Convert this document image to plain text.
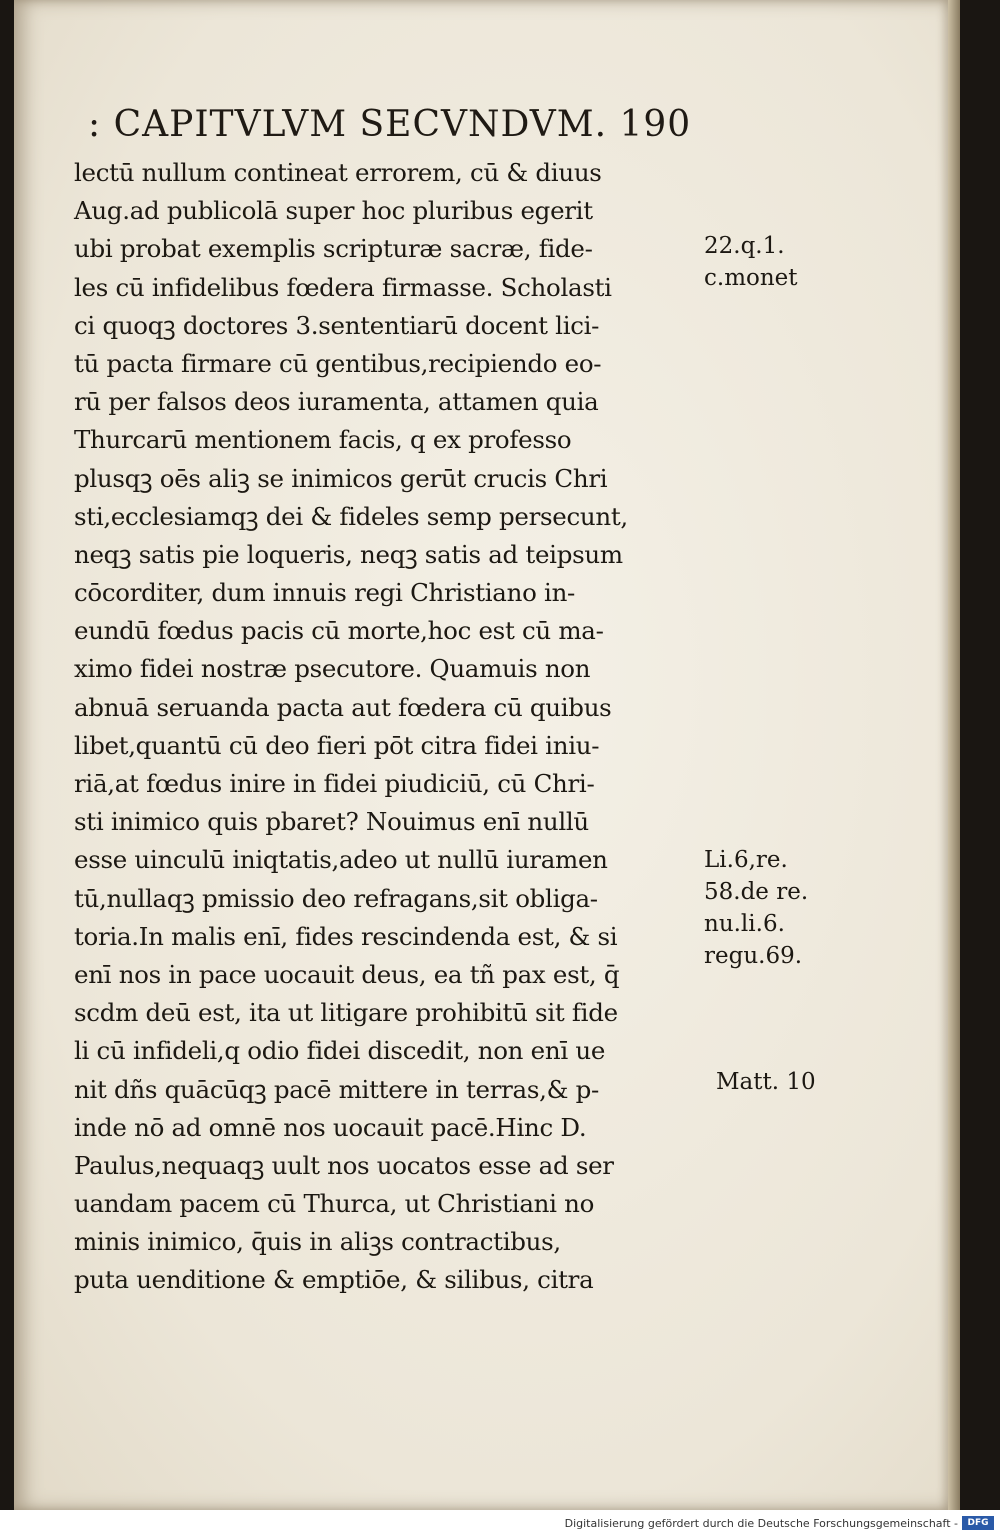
: CAPITVLVM SECVNDVM. 190
lectū nullum contineat errorem, cū & diuus
Aug.ad publicolā super hoc pluribus egerit
ubi probat exemplis scripturæ sacræ, fide-
les cū infidelibus fœdera firmasse. Scholasti
ci quoqꝫ doctores 3.sententiarū docent lici-
tū pacta firmare cū gentibus,recipiendo eo-
rū per falsos deos iuramenta, attamen quia
Thurcarū mentionem facis, q ex professo
plusqꝫ oēs aliꝫ se inimicos gerūt crucis Chri
sti,ecclesiamqꝫ dei & fideles semp persecunt,
neqꝫ satis pie loqueris, neqꝫ satis ad teipsum
cōcorditer, dum innuis regi Christiano in-
eundū fœdus pacis cū morte,hoc est cū ma-
ximo fidei nostræ psecutore. Quamuis non
abnuā seruanda pacta aut fœdera cū quibus
libet,quantū cū deo fieri pōt citra fidei iniu-
riā,at fœdus inire in fidei piudiciū, cū Chri-
sti inimico quis pbaret? Nouimus enī nullū
esse uinculū iniqtatis,adeo ut nullū iuramen
tū,nullaqꝫ pmissio deo refragans,sit obliga-
toria.In malis enī, fides rescindenda est, & si
enī nos in pace uocauit deus, ea tñ pax est, q̄
scdm deū est, ita ut litigare prohibitū sit fide
li cū infideli,q odio fidei discedit, non enī ue
nit dñs quācūqꝫ pacē mittere in terras,& p-
inde nō ad omnē nos uocauit pacē.Hinc D.
Paulus,nequaqꝫ uult nos uocatos esse ad ser
uandam pacem cū Thurca, ut Christiani no
minis inimico, q̄uis in aliꝫs contractibus,
puta uenditione & emptiōe, & silibus, citra
22.q.1.
c.monet
Li.6,re.
58.de re.
nu.li.6.
regu.69.
Matt. 10
Digitalisierung gefördert durch die Deutsche Forschungsgemeinschaft -	DFG
